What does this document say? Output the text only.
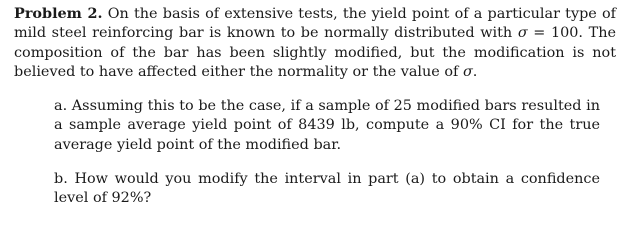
Problem 2. On the basis of extensive tests, the yield point of a particular type of mild steel reinforcing bar is known to be normally distributed with σ = 100. The composition of the bar has been slightly modified, but the modification is not believed to have affected either the normality or the value of σ.
a. Assuming this to be the case, if a sample of 25 modified bars resulted in a sample average yield point of 8439 lb, compute a 90% CI for the true average yield point of the modified bar.
b. How would you modify the interval in part (a) to obtain a confidence level of 92%?
